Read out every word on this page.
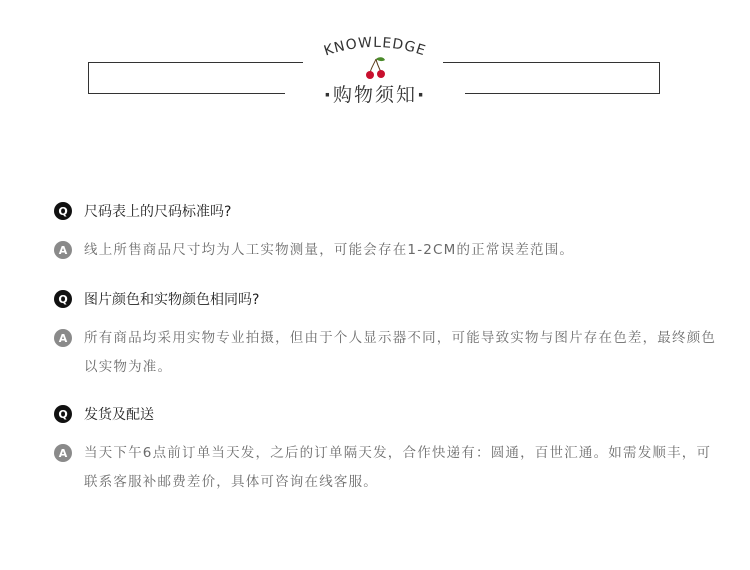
KNOWLEDGE
·购物须知·
Q	尺码表上的尺码标准吗?
A	线上所售商品尺寸均为人工实物测量，可能会存在1-2CM的正常误差范围。
Q	图片颜色和实物颜色相同吗?
A	所有商品均采用实物专业拍摄，但由于个人显示器不同，可能导致实物与图片存在色差，最终颜色以实物为准。
Q	发货及配送
A	当天下午6点前订单当天发，之后的订单隔天发，合作快递有：圆通，百世汇通。如需发顺丰，可联系客服补邮费差价，具体可咨询在线客服。
